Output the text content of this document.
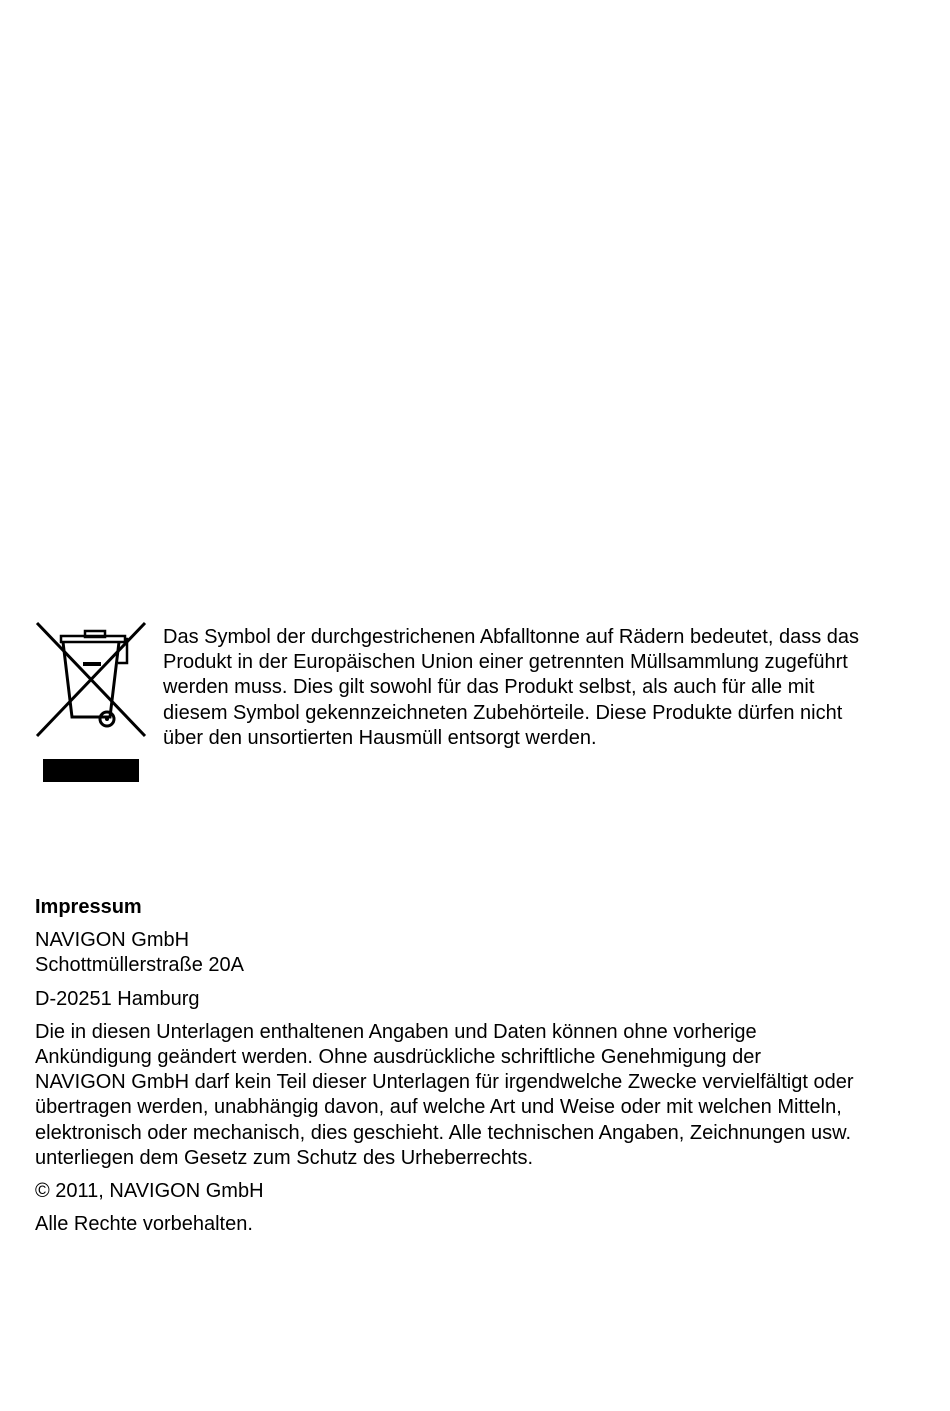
Das Symbol der durchgestrichenen Abfalltonne auf Rädern bedeutet, dass das Produkt in der Europäischen Union einer getrennten Müllsammlung zugeführt werden muss. Dies gilt sowohl für das Produkt selbst, als auch für alle mit diesem Symbol gekennzeichneten Zubehörteile. Diese Produkte dürfen nicht über den unsortierten Hausmüll entsorgt werden.

Impressum

NAVIGON GmbH
Schottmüllerstraße 20A

D-20251 Hamburg

Die in diesen Unterlagen enthaltenen Angaben und Daten können ohne vorherige Ankündigung geändert werden. Ohne ausdrückliche schriftliche Genehmigung der NAVIGON GmbH darf kein Teil dieser Unterlagen für irgendwelche Zwecke vervielfältigt oder übertragen werden, unabhängig davon, auf welche Art und Weise oder mit welchen Mitteln, elektronisch oder mechanisch, dies geschieht. Alle technischen Angaben, Zeichnungen usw. unterliegen dem Gesetz zum Schutz des Urheberrechts.

© 2011, NAVIGON GmbH

Alle Rechte vorbehalten.
